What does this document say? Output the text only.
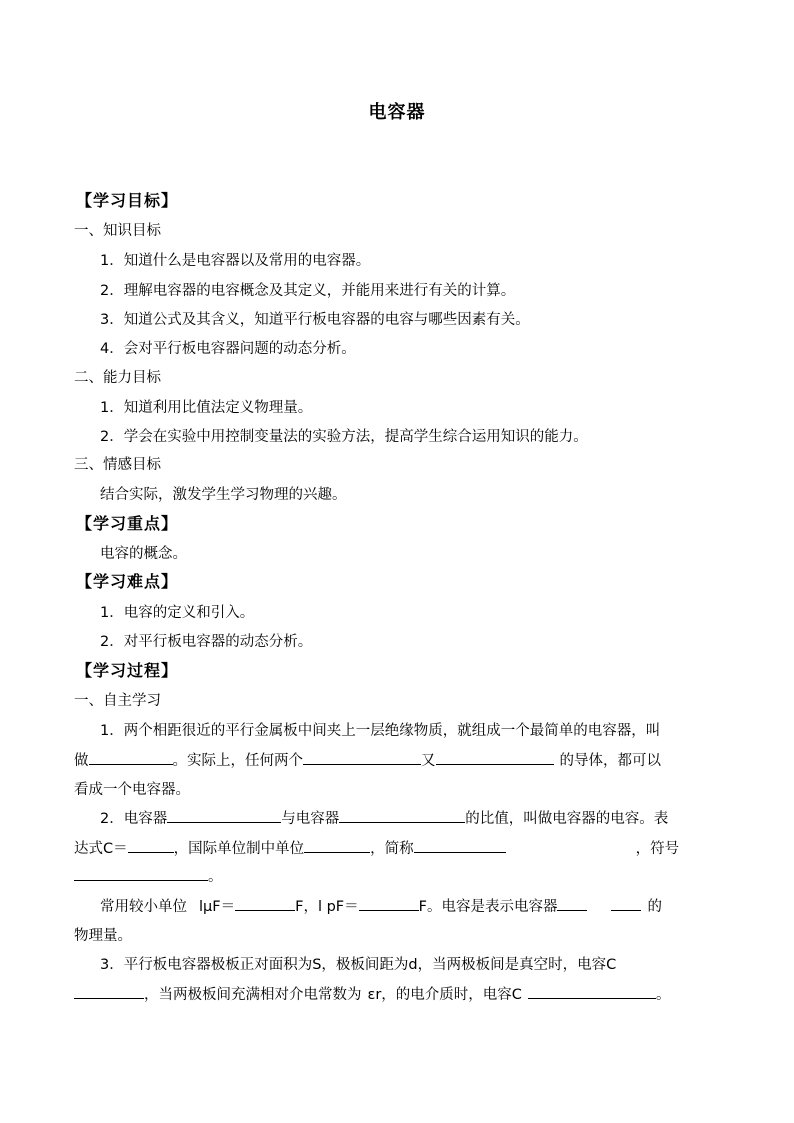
电容器
【学习目标】
一、知识目标
1．知道什么是电容器以及常用的电容器。
2．理解电容器的电容概念及其定义，并能用来进行有关的计算。
3．知道公式及其含义，知道平行板电容器的电容与哪些因素有关。
4．会对平行板电容器问题的动态分析。
二、能力目标
1．知道利用比值法定义物理量。
2．学会在实验中用控制变量法的实验方法，提高学生综合运用知识的能力。
三、情感目标
结合实际，激发学生学习物理的兴趣。
【学习重点】
电容的概念。
【学习难点】
1．电容的定义和引入。
2．对平行板电容器的动态分析。
【学习过程】
一、自主学习
1．两个相距很近的平行金属板中间夹上一层绝缘物质，就组成一个最简单的电容器，叫
做	。实际上，任何两个	又	的导体，都可以
看成一个电容器。
2．电容器	与电容器	的比值，叫做电容器的电容。表
达式C＝	，国际单位制中单位	，简称	，符号
。
常用较小单位 lμF＝	F，l pF＝	F。电容是表示电容器	的
物理量。
3．平行板电容器极板正对面积为S，极板间距为d，当两极板间是真空时，电容C
，当两极板间充满相对介电常数为 εr，的电介质时，电容C	。
